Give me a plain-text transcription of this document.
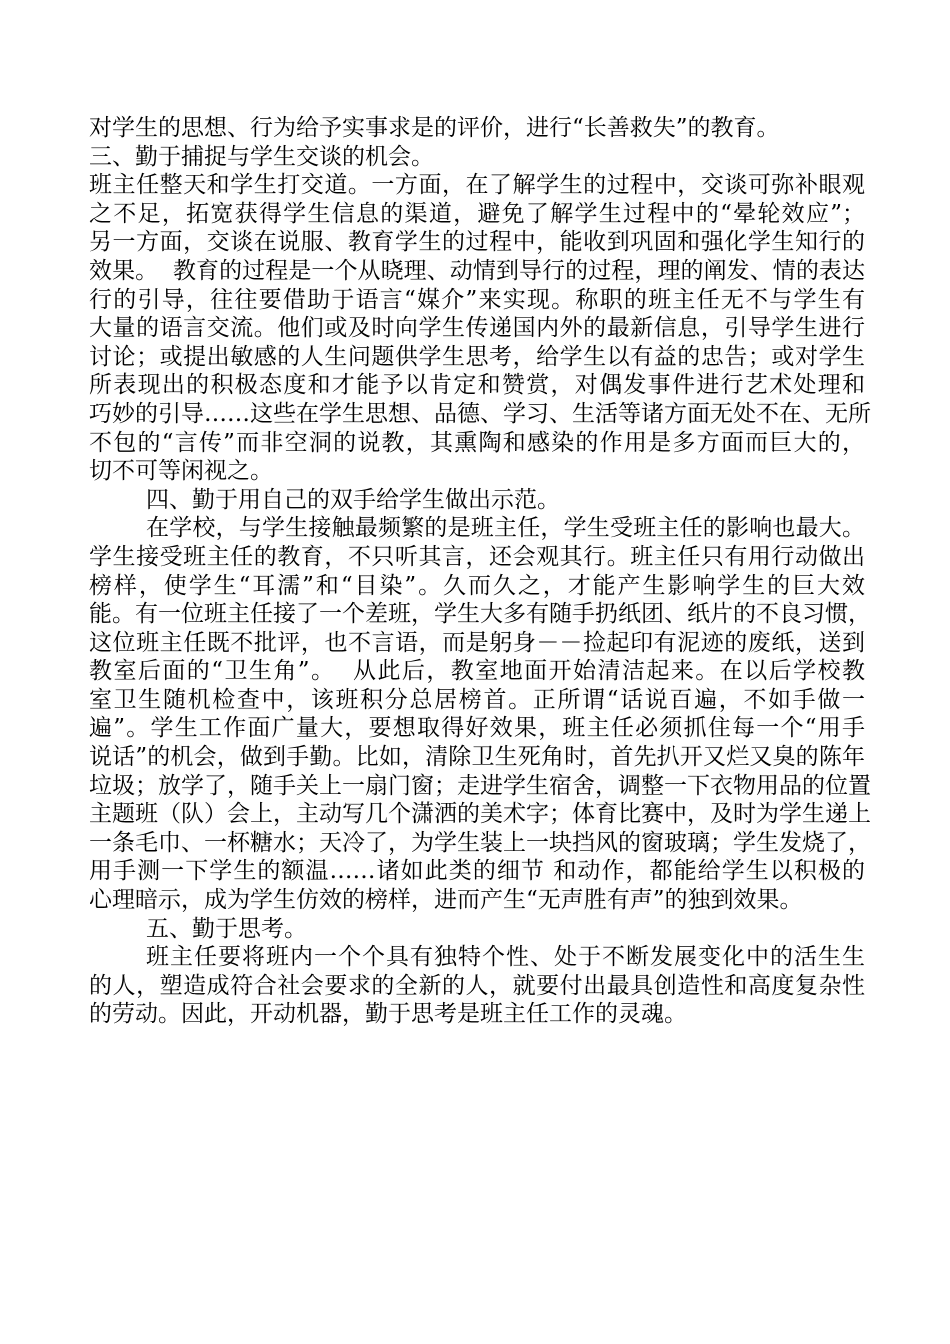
对学生的思想、行为给予实事求是的评价，进行“长善救失”的教育。
三、勤于捕捉与学生交谈的机会。
班主任整天和学生打交道。一方面，在了解学生的过程中，交谈可弥补眼观
之不足，拓宽获得学生信息的渠道，避免了解学生过程中的“晕轮效应”；
另一方面，交谈在说服、教育学生的过程中，能收到巩固和强化学生知行的
效果。  教育的过程是一个从晓理、动情到导行的过程，理的阐发、情的表达
行的引导，往往要借助于语言“媒介”来实现。称职的班主任无不与学生有
大量的语言交流。他们或及时向学生传递国内外的最新信息，引导学生进行
讨论；或提出敏感的人生问题供学生思考，给学生以有益的忠告；或对学生
所表现出的积极态度和才能予以肯定和赞赏，对偶发事件进行艺术处理和
巧妙的引导……这些在学生思想、品德、学习、生活等诸方面无处不在、无所
不包的“言传”而非空洞的说教，其熏陶和感染的作用是多方面而巨大的，
切不可等闲视之。
四、勤于用自己的双手给学生做出示范。
在学校，与学生接触最频繁的是班主任，学生受班主任的影响也最大。
学生接受班主任的教育，不只听其言，还会观其行。班主任只有用行动做出
榜样，使学生“耳濡”和“目染”。久而久之，才能产生影响学生的巨大效
能。有一位班主任接了一个差班，学生大多有随手扔纸团、纸片的不良习惯，
这位班主任既不批评，也不言语，而是躬身－－捡起印有泥迹的废纸，送到
教室后面的“卫生角”。  从此后，教室地面开始清洁起来。在以后学校教
室卫生随机检查中，该班积分总居榜首。正所谓“话说百遍，不如手做一
遍”。学生工作面广量大，要想取得好效果，班主任必须抓住每一个“用手
说话”的机会，做到手勤。比如，清除卫生死角时，首先扒开又烂又臭的陈年
垃圾；放学了，随手关上一扇门窗；走进学生宿舍，调整一下衣物用品的位置
主题班（队）会上，主动写几个潇洒的美术字；体育比赛中，及时为学生递上
一条毛巾、一杯糖水；天冷了，为学生装上一块挡风的窗玻璃；学生发烧了，
用手测一下学生的额温……诸如此类的细节 和动作，都能给学生以积极的
心理暗示，成为学生仿效的榜样，进而产生“无声胜有声”的独到效果。
五、勤于思考。
班主任要将班内一个个具有独特个性、处于不断发展变化中的活生生
的人，塑造成符合社会要求的全新的人，就要付出最具创造性和高度复杂性
的劳动。因此，开动机器，勤于思考是班主任工作的灵魂。
